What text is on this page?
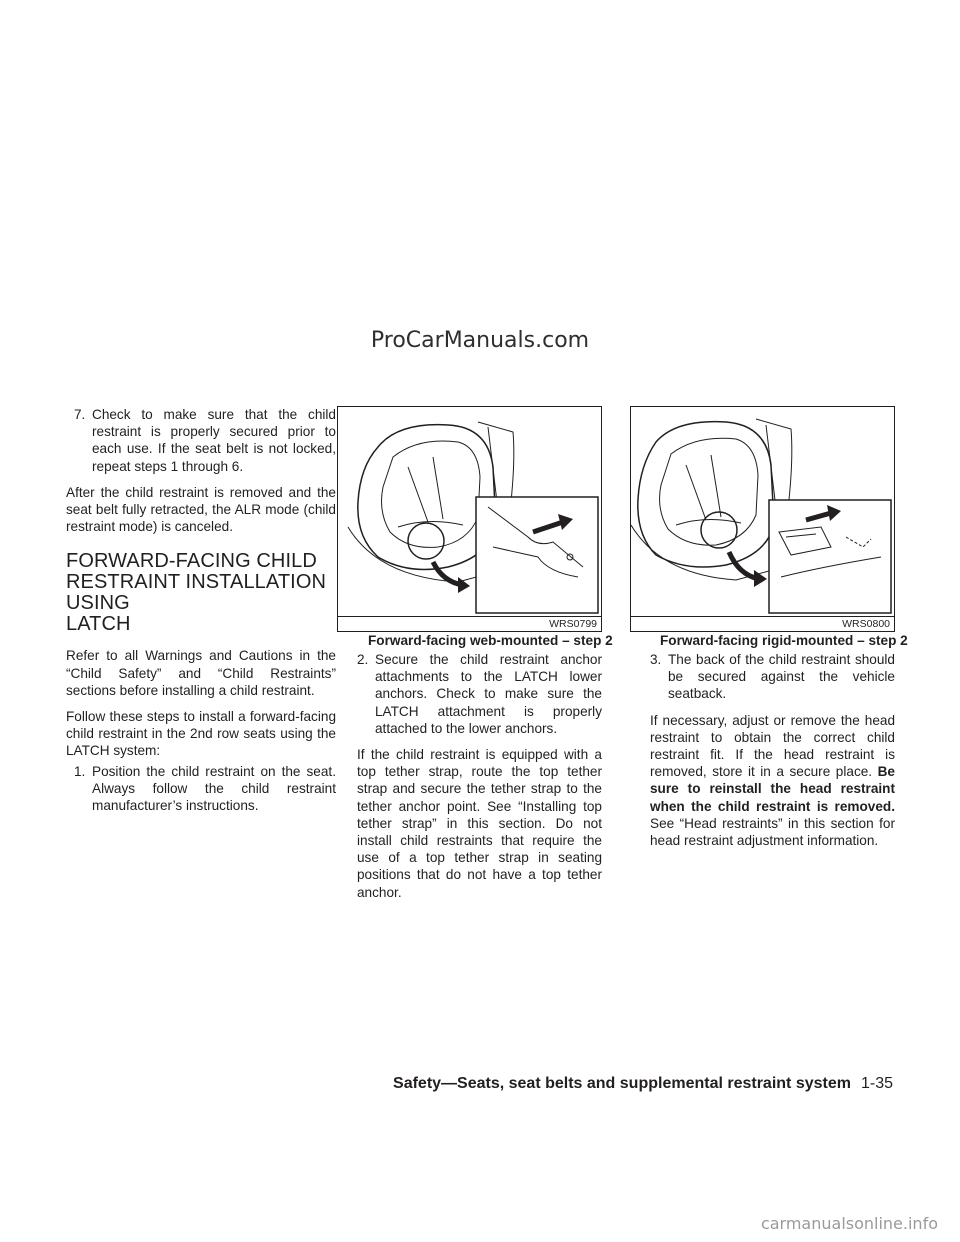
ProCarManuals.com
7. Check to make sure that the child restraint is properly secured prior to each use. If the seat belt is not locked, repeat steps 1 through 6.

After the child restraint is removed and the seat belt fully retracted, the ALR mode (child restraint mode) is canceled.

FORWARD-FACING CHILD
RESTRAINT INSTALLATION USING
LATCH

Refer to all Warnings and Cautions in the “Child Safety” and “Child Restraints” sections before installing a child restraint.

Follow these steps to install a forward-facing child restraint in the 2nd row seats using the LATCH system:

1. Position the child restraint on the seat. Always follow the child restraint manufacturer’s instructions.
WRS0799
Forward-facing web-mounted – step 2
WRS0800
Forward-facing rigid-mounted – step 2
2. Secure the child restraint anchor attachments to the LATCH lower anchors. Check to make sure the LATCH attachment is properly attached to the lower anchors.

If the child restraint is equipped with a top tether strap, route the top tether strap and secure the tether strap to the tether anchor point. See “Installing top tether strap” in this section. Do not install child restraints that require the use of a top tether strap in seating positions that do not have a top tether anchor.

3. The back of the child restraint should be secured against the vehicle seatback.

If necessary, adjust or remove the head restraint to obtain the correct child restraint fit. If the head restraint is removed, store it in a secure place. Be sure to reinstall the head restraint when the child restraint is removed. See “Head restraints” in this section for head restraint adjustment information.

Safety—Seats, seat belts and supplemental restraint system 1-35
carmanualsonline.info
